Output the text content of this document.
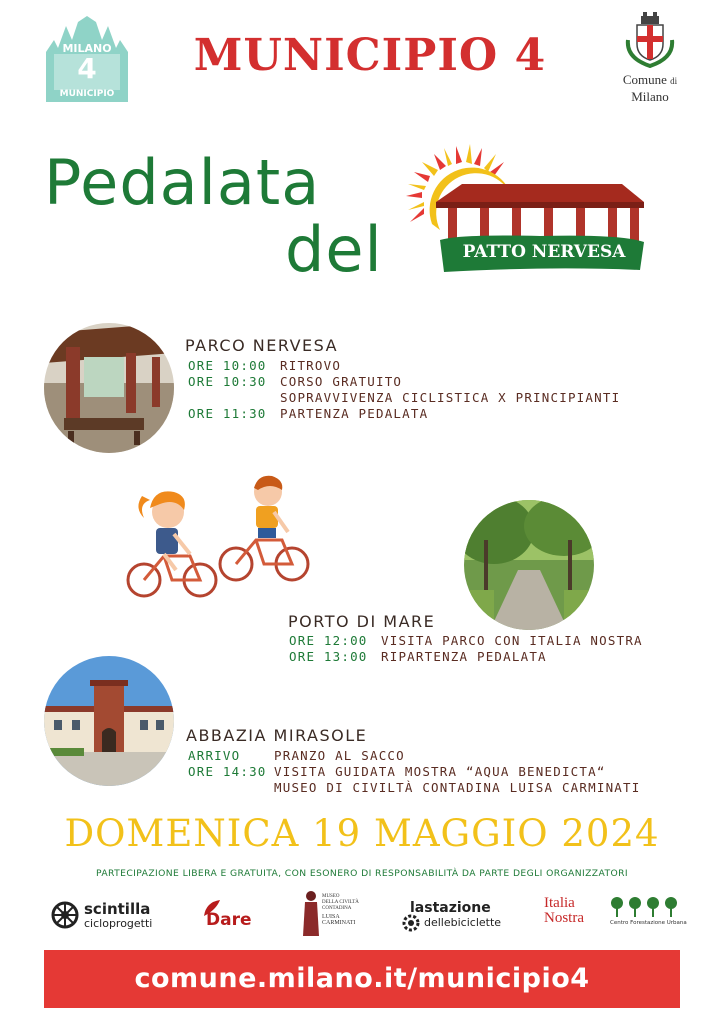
MILANO
4
MUNICIPIO
MUNICIPIO 4	Comune di
Milano
Pedalata
del	PATTO NERVESA
PARCO NERVESA
ORE 10:00	RITROVO
ORE 10:30	CORSO GRATUITO
SOPRAVVIVENZA CICLISTICA X PRINCIPIANTI
ORE 11:30	PARTENZA PEDALATA
PORTO DI MARE
ORE 12:00	VISITA PARCO CON ITALIA NOSTRA
ORE 13:00	RIPARTENZA PEDALATA
ABBAZIA MIRASOLE
ARRIVO	PRANZO AL SACCO
ORE 14:30 VISITA GUIDATA MOSTRA “AQUA BENEDICTA“
MUSEO DI CIVILTÀ CONTADINA LUISA CARMINATI
DOMENICA 19 MAGGIO 2024
PARTECIPAZIONE LIBERA E GRATUITA, CON ESONERO DI RESPONSABILITÀ DA PARTE DEGLI ORGANIZZATORI
scintilla
cicloprogetti	Dare
MUSEO
DELLA CIVILTÀ
CONTADINA
LUISA
CARMINATI
lastazione
dellebiciclette
Italia
Nostra	Centro Forestazione Urbana
comune.milano.it/municipio4
